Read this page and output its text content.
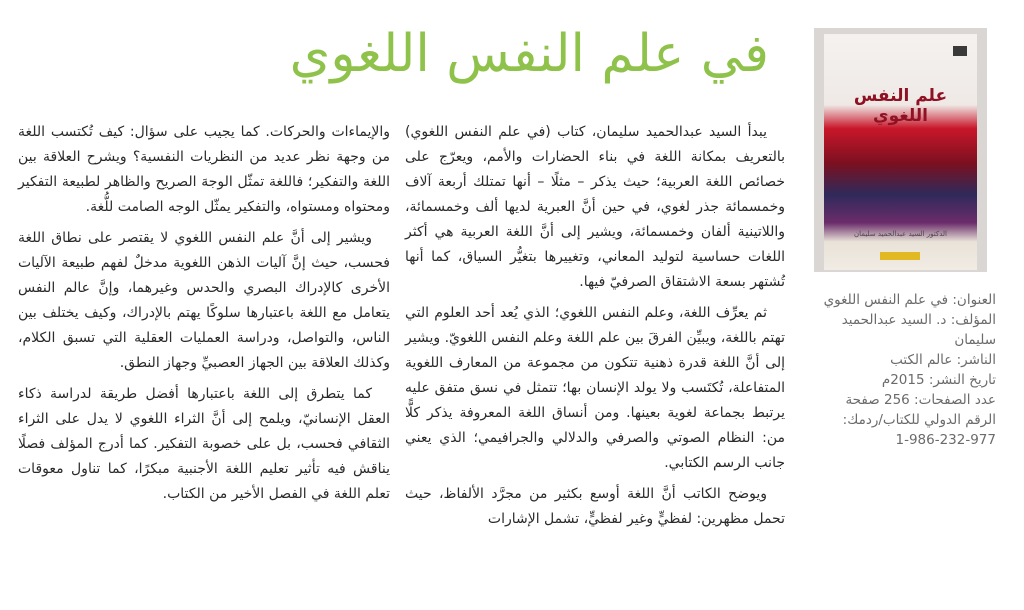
في علم النفس اللغوي
علم النفس اللغوي
الدكتور السيد عبدالحميد سليمان
العنوان: في علم النفس اللغوي
المؤلف: د. السيد عبدالحميد سليمان
الناشر: عالم الكتب
تاريخ النشر: 2015م
عدد الصفحات: 256 صفحة
الرقم الدولي للكتاب/ردمك:
1-986-232-977

يبدأ السيد عبدالحميد سليمان، كتاب (في علم النفس اللغوي) بالتعريف بمكانة اللغة في بناء الحضارات والأمم، ويعرّج على خصائص اللغة العربية؛ حيث يذكر – مثلًا – أنها تمتلك أربعة آلاف وخمسمائة جذر لغوي، في حين أنَّ العبرية لديها ألف وخمسمائة، واللاتينية ألفان وخمسمائة، ويشير إلى أنَّ اللغة العربية هي أكثر اللغات حساسية لتوليد المعاني، وتغييرها بتغيُّر السياق، كما أنها تُشتهر بسعة الاشتقاق الصرفيّ فيها.

ثم يعرِّف اللغة، وعلم النفس اللغوي؛ الذي يُعد أحد العلوم التي تهتم باللغة، ويبيِّن الفرقَ بين علم اللغة وعلم النفس اللغويّ. ويشير إلى أنَّ اللغة قدرة ذهنية تتكون من مجموعة من المعارف اللغوية المتفاعلة، تُكتَسب ولا يولد الإنسان بها؛ تتمثل في نسق متفق عليه يرتبط بجماعة لغوية بعينها. ومن أنساق اللغة المعروفة يذكر كلًّا من: النظام الصوتي والصرفي والدلالي والجرافيمي؛ الذي يعني جانب الرسم الكتابي.

ويوضح الكاتب أنَّ اللغة أوسع بكثير من مجرَّد الألفاظ، حيث تحمل مظهرين: لفظيٍّ وغير لفظيٍّ، تشمل الإشارات

والإيماءات والحركات. كما يجيب على سؤال: كيف تُكتسب اللغة من وجهة نظر عديد من النظريات النفسية؟ ويشرح العلاقة بين اللغة والتفكير؛ فاللغة تمثّل الوجهَ الصريح والظاهر لطبيعة التفكير ومحتواه ومستواه، والتفكير يمثّل الوجه الصامت للُّغة.

ويشير إلى أنَّ علم النفس اللغوي لا يقتصر على نطاق اللغة فحسب، حيث إنَّ آليات الذهن اللغوية مدخلٌ لفهم طبيعة الآليات الأخرى كالإدراك البصري والحدس وغيرهما، وإنَّ عالم النفس يتعامل مع اللغة باعتبارها سلوكًا يهتم بالإدراك، وكيف يختلف بين الناس، والتواصل، ودراسة العمليات العقلية التي تسبق الكلام، وكذلك العلاقة بين الجهاز العصبيِّ وجهاز النطق.

كما يتطرق إلى اللغة باعتبارها أفضل طريقة لدراسة ذكاء العقل الإنسانيّ، ويلمح إلى أنَّ الثراء اللغوي لا يدل على الثراء الثقافي فحسب، بل على خصوبة التفكير. كما أدرج المؤلف فصلًا يناقش فيه تأثير تعليم اللغة الأجنبية مبكرًا، كما تناول معوقات تعلم اللغة في الفصل الأخير من الكتاب.
